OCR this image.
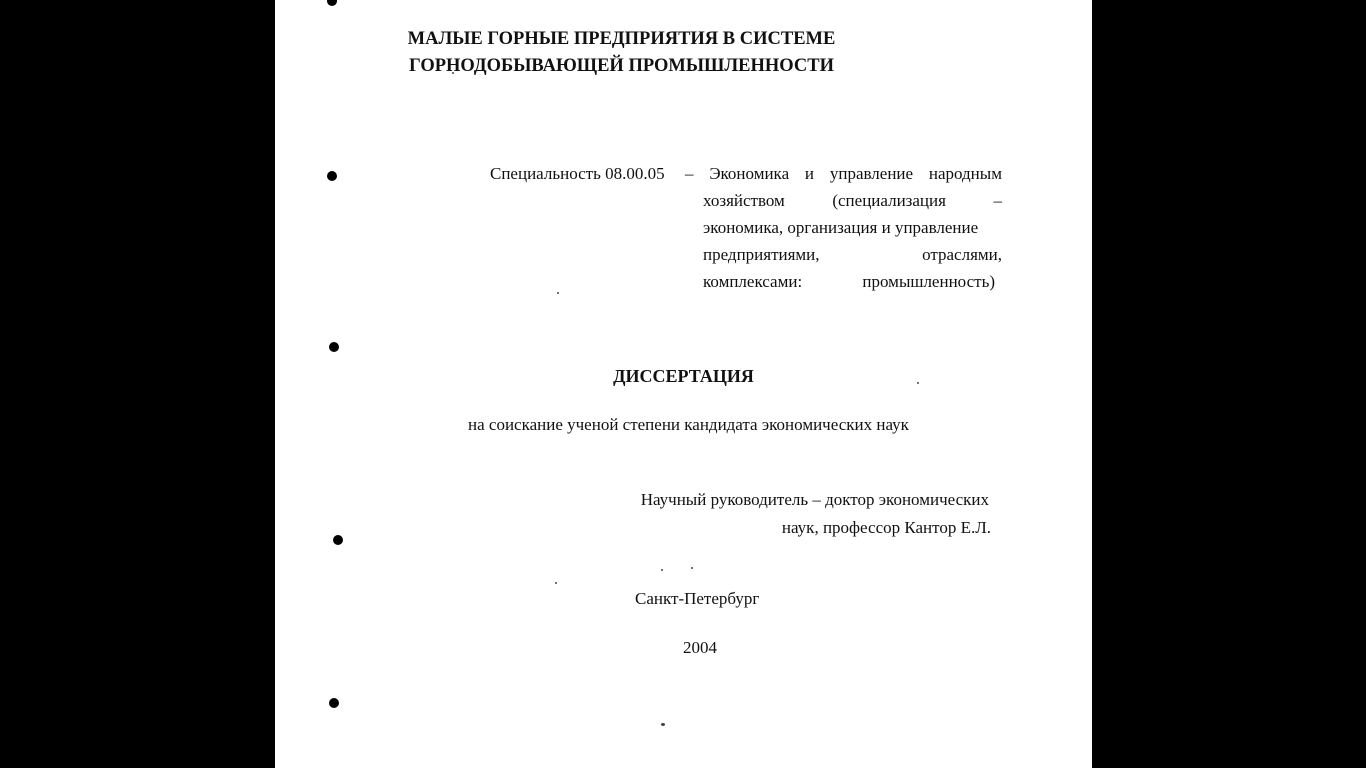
МАЛЫЕ ГОРНЫЕ ПРЕДПРИЯТИЯ В СИСТЕМЕ
ГОРНОДОБЫВАЮЩЕЙ ПРОМЫШЛЕННОСТИ
Специальность 08.00.05 – Экономика и управление народным
хозяйством	(специализация	–
экономика, организация и управление
предприятиями,	отраслями,
комплексами:	промышленность)
ДИССЕРТАЦИЯ
на соискание ученой степени кандидата экономических наук
Научный руководитель – доктор экономических
наук, профессор Кантор Е.Л.
Санкт-Петербург
2004
